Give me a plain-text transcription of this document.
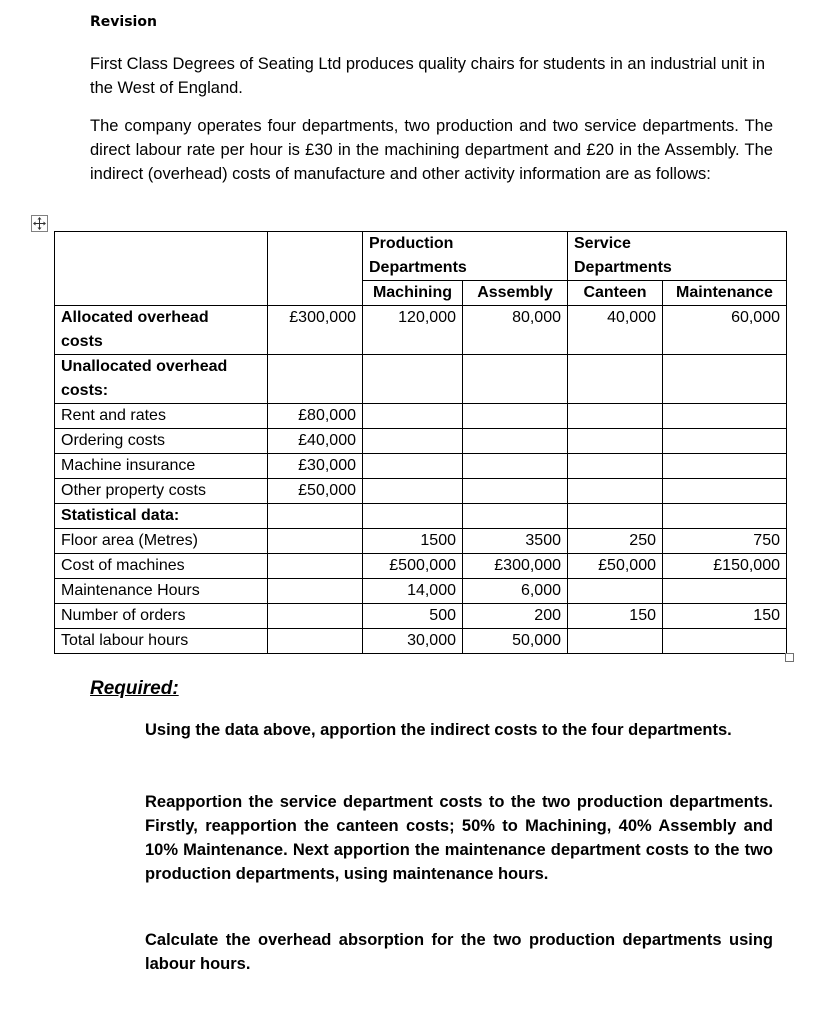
Revision
First Class Degrees of Seating Ltd produces quality chairs for students in an industrial unit in the West of England.
The company operates four departments, two production and two service departments. The direct labour rate per hour is £30 in the machining department and £20 in the Assembly. The indirect (overhead) costs of manufacture and other activity information are as follows:

		Production		Service	

		Departments		Departments	

		Machining	Assembly	Canteen	Maintenance
Allocated overhead	£300,000	120,000	80,000	40,000	60,000
costs					
Unallocated overhead					
costs:					
Rent and rates	£80,000				
Ordering costs	£40,000				
Machine insurance	£30,000				
Other property costs	£50,000				
Statistical data:					
Floor area (Metres)		1500	3500	250	750
Cost of machines		£500,000	£300,000	£50,000	£150,000
Maintenance Hours		14,000	6,000		
Number of orders		500	200	150	150
Total labour hours		30,000	50,000		
Required:
Using the data above, apportion the indirect costs to the four departments.
Reapportion the service department costs to the two production departments. Firstly, reapportion the canteen costs; 50% to Machining, 40% Assembly and 10% Maintenance. Next apportion the maintenance department costs to the two production departments, using maintenance hours.
Calculate the overhead absorption for the two production departments using labour hours.
